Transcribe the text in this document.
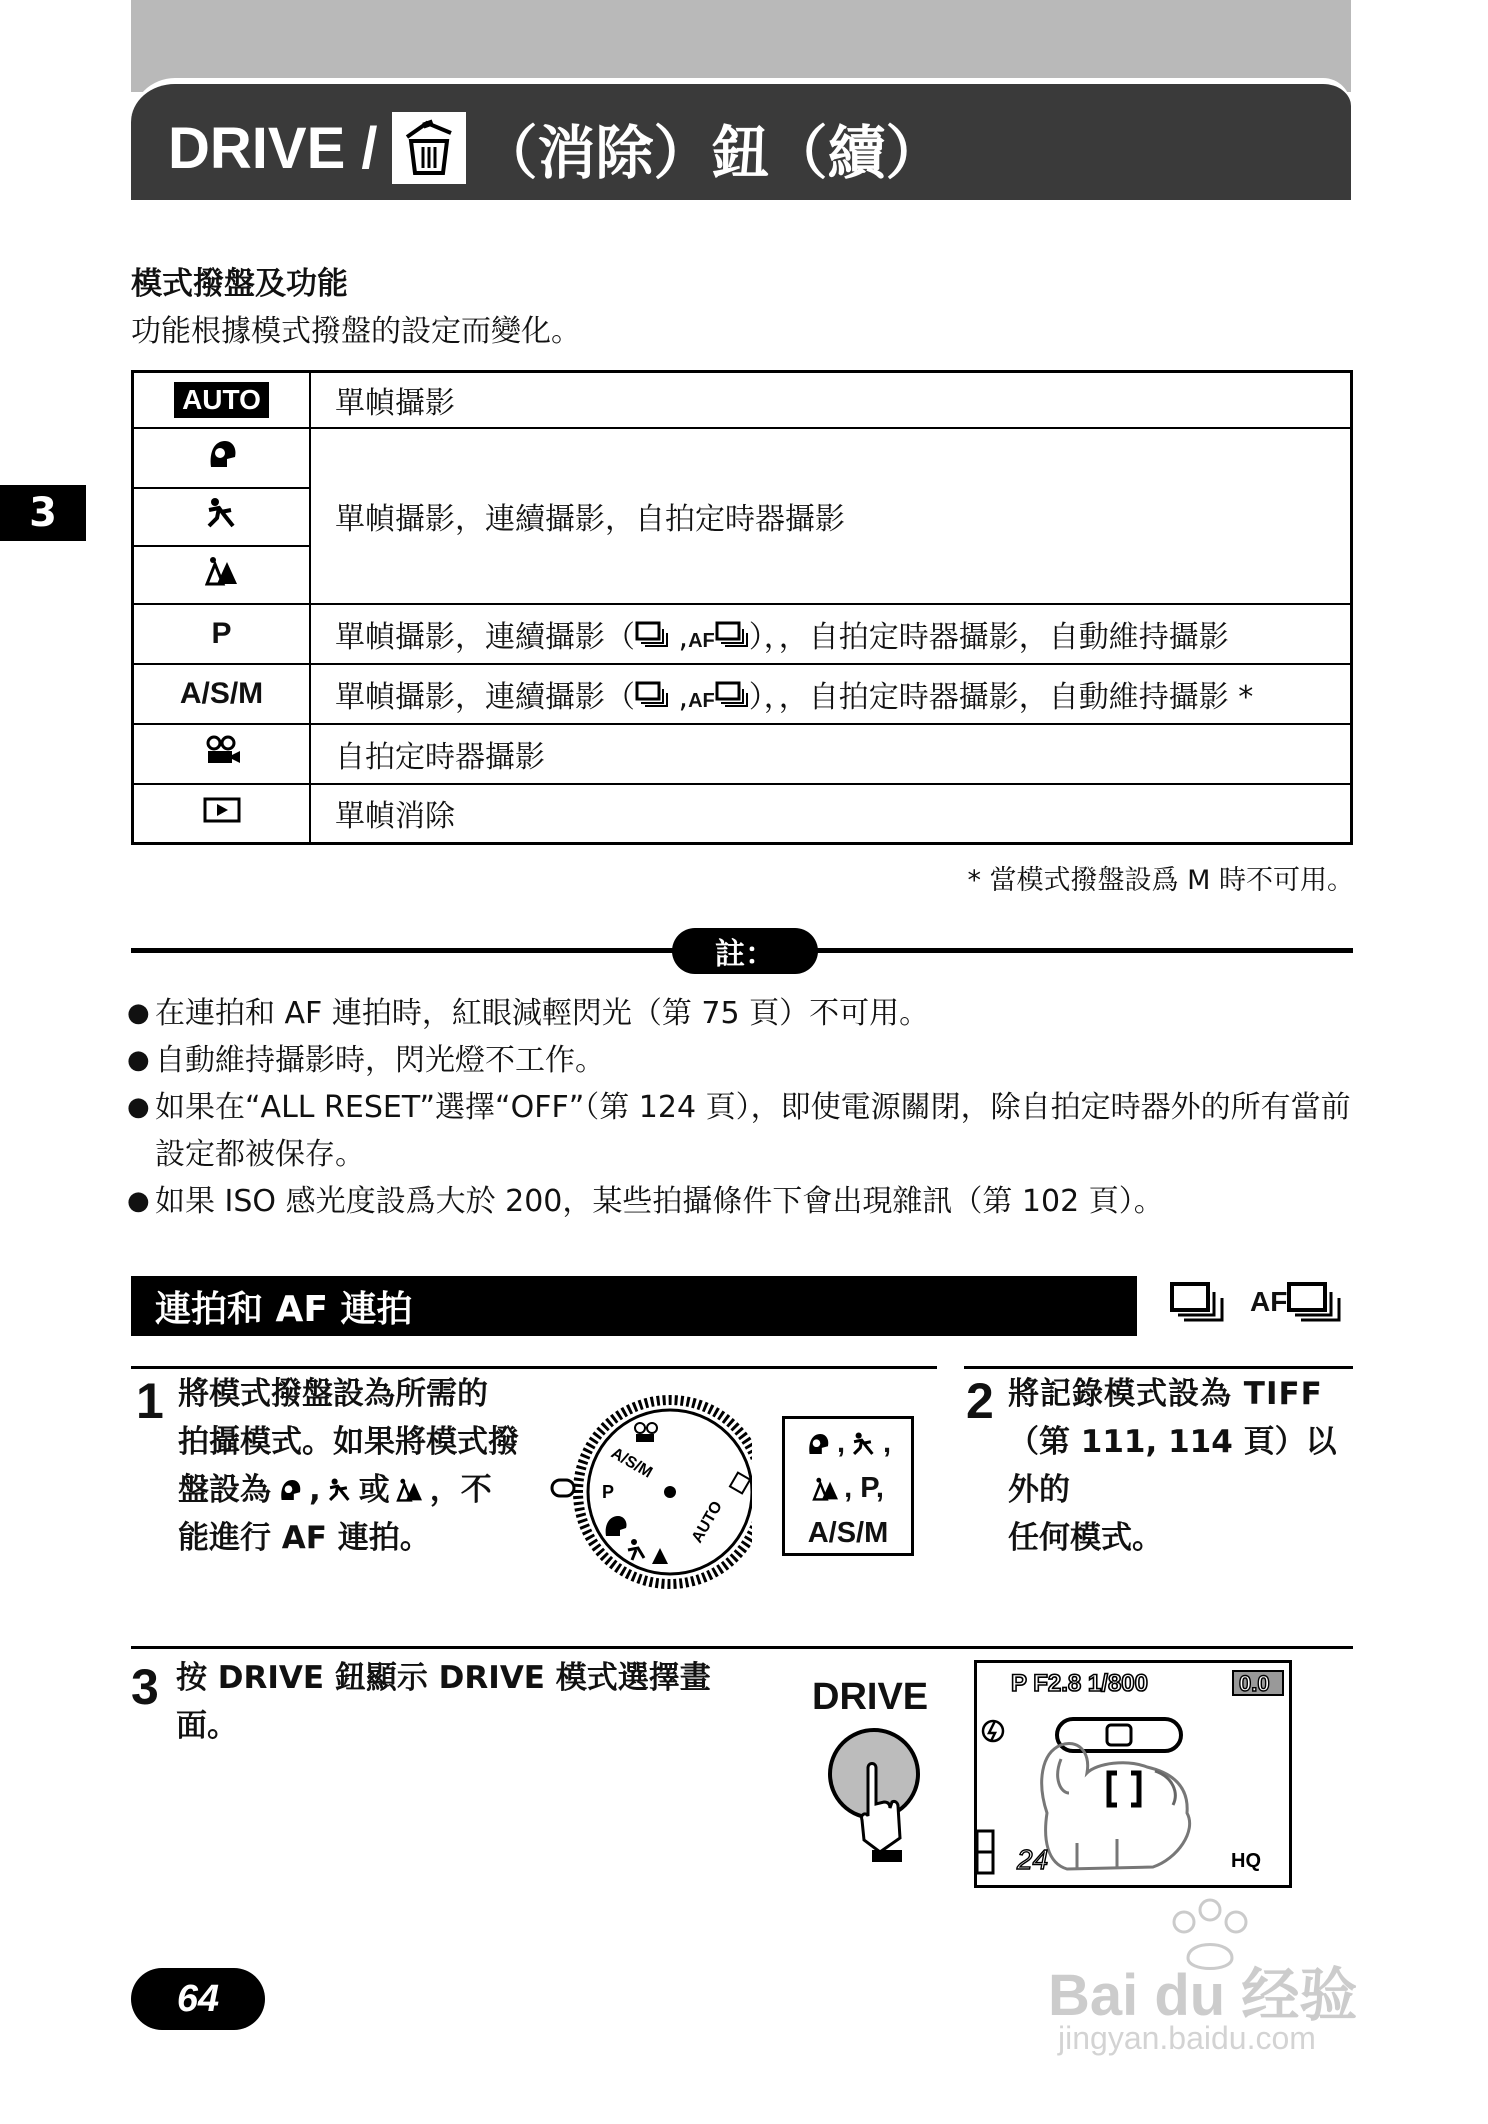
DRIVE / （消除）鈕（續）
3
模式撥盤及功能
功能根據模式撥盤的設定而變化。
AUTO	單幀攝影
	單幀攝影，連續攝影，自拍定時器攝影

P	單幀攝影，連續攝影（ ,AF ），，自拍定時器攝影，自動維持攝影
A/S/M	單幀攝影，連續攝影（ ,AF ），，自拍定時器攝影，自動維持攝影 *
	自拍定時器攝影
	單幀消除
* 當模式撥盤設爲 M 時不可用。
註：
● 在連拍和 AF 連拍時，紅眼減輕閃光（第 75 頁）不可用。
● 自動維持攝影時，閃光燈不工作。
● 如果在“ALL RESET”選擇“OFF”（第 124 頁），即使電源關閉，除自拍定時器外的所有當前設定都被保存。
● 如果 ISO 感光度設爲大於 200，某些拍攝條件下會出現雜訊（第 102 頁）。
連拍和 AF 連拍	AF
1 將模式撥盤設為所需的
拍攝模式。如果將模式撥
盤設為 , 或 ，不
能進行 AF 連拍。
A/S/M
P
AUTO
, ,
, P,
A/S/M
2 將記錄模式設為 TIFF
（第 111, 114 頁）以外的
任何模式。
3 按 DRIVE 鈕顯示 DRIVE 模式選擇畫
面。
DRIVE	P F2.8 1/800	0.0
24	HQ
64	Bai du 经验
jingyan.baidu.com
